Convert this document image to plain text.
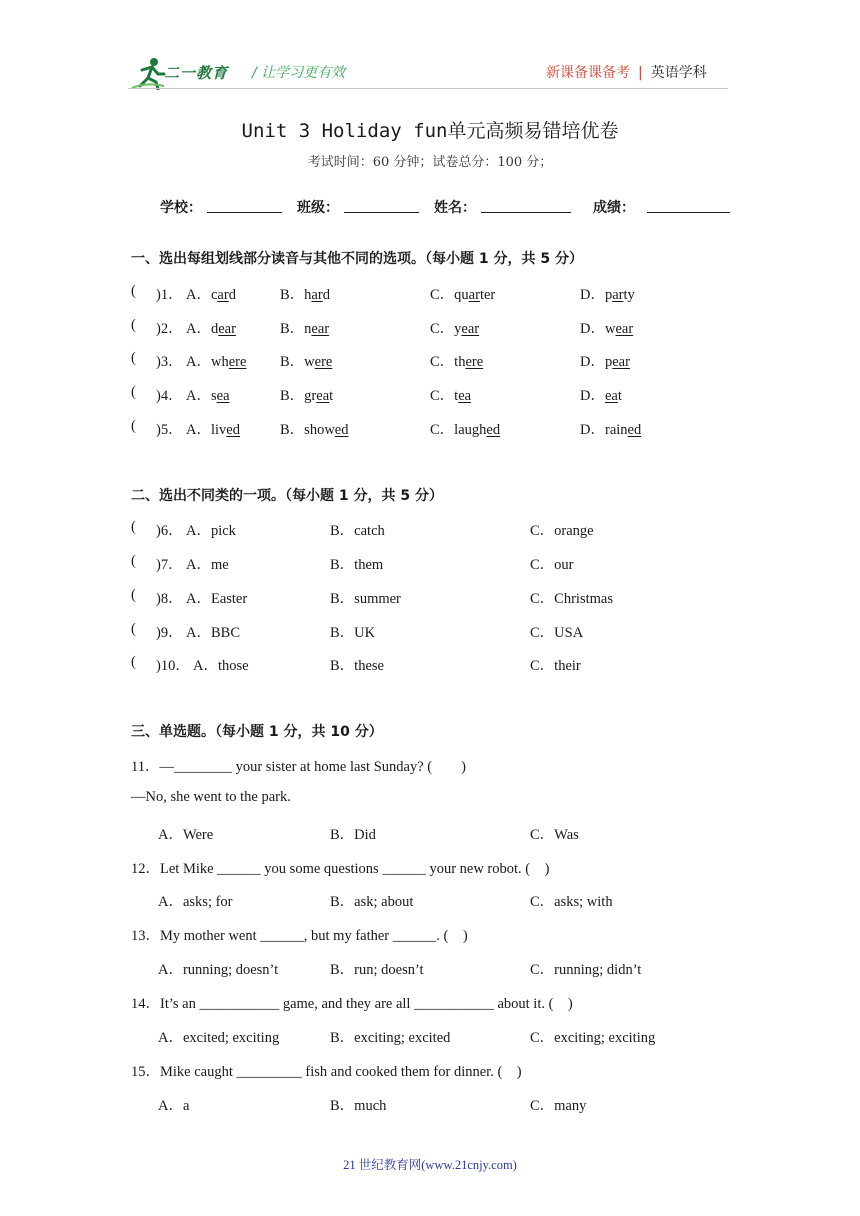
二一教育 / 让学习更有效	新课备课备考 | 英语学科
Unit 3 Holiday fun单元高频易错培优卷
考试时间：60 分钟；试卷总分：100 分；
学校：	班级：	姓名：	成绩：
一、选出每组划线部分读音与其他不同的选项。（每小题 1 分，共 5 分）
( )1． A．card	B．hard	C．quarter	D．party
( )2． A．dear	B．near	C．year	D．wear
( )3． A．where B．were	C．there	D．pear
( )4． A．sea	B．great	C．tea	D．eat
( )5． A．lived	B．showed	C．laughed	D．rained
二、选出不同类的一项。（每小题 1 分，共 5 分）
( )6． A．pick	B．catch	C．orange
( )7． A．me	B．them	C．our
( )8． A．Easter	B．summer	C．Christmas
( )9． A．BBC	B．UK	C．USA
( )10． A．those	B．these	C．their
三、单选题。（每小题 1 分，共 10 分）
11．—________ your sister at home last Sunday? (　　)
—No, she went to the park.
A．Were	B．Did	C．Was
12．Let Mike ______ you some questions ______ your new robot. (　)
A．asks; for	B．ask; about	C．asks; with
13．My mother went ______, but my father ______. (　)
A．running; doesn’t	B．run; doesn’t	C．running; didn’t
14．It’s an ___________ game, and they are all ___________ about it. (　)
A．excited; exciting	B．exciting; excited	C．exciting; exciting
15．Mike caught _________ fish and cooked them for dinner. (　)
A．a	B．much	C．many
21 世纪教育网(www.21cnjy.com)
